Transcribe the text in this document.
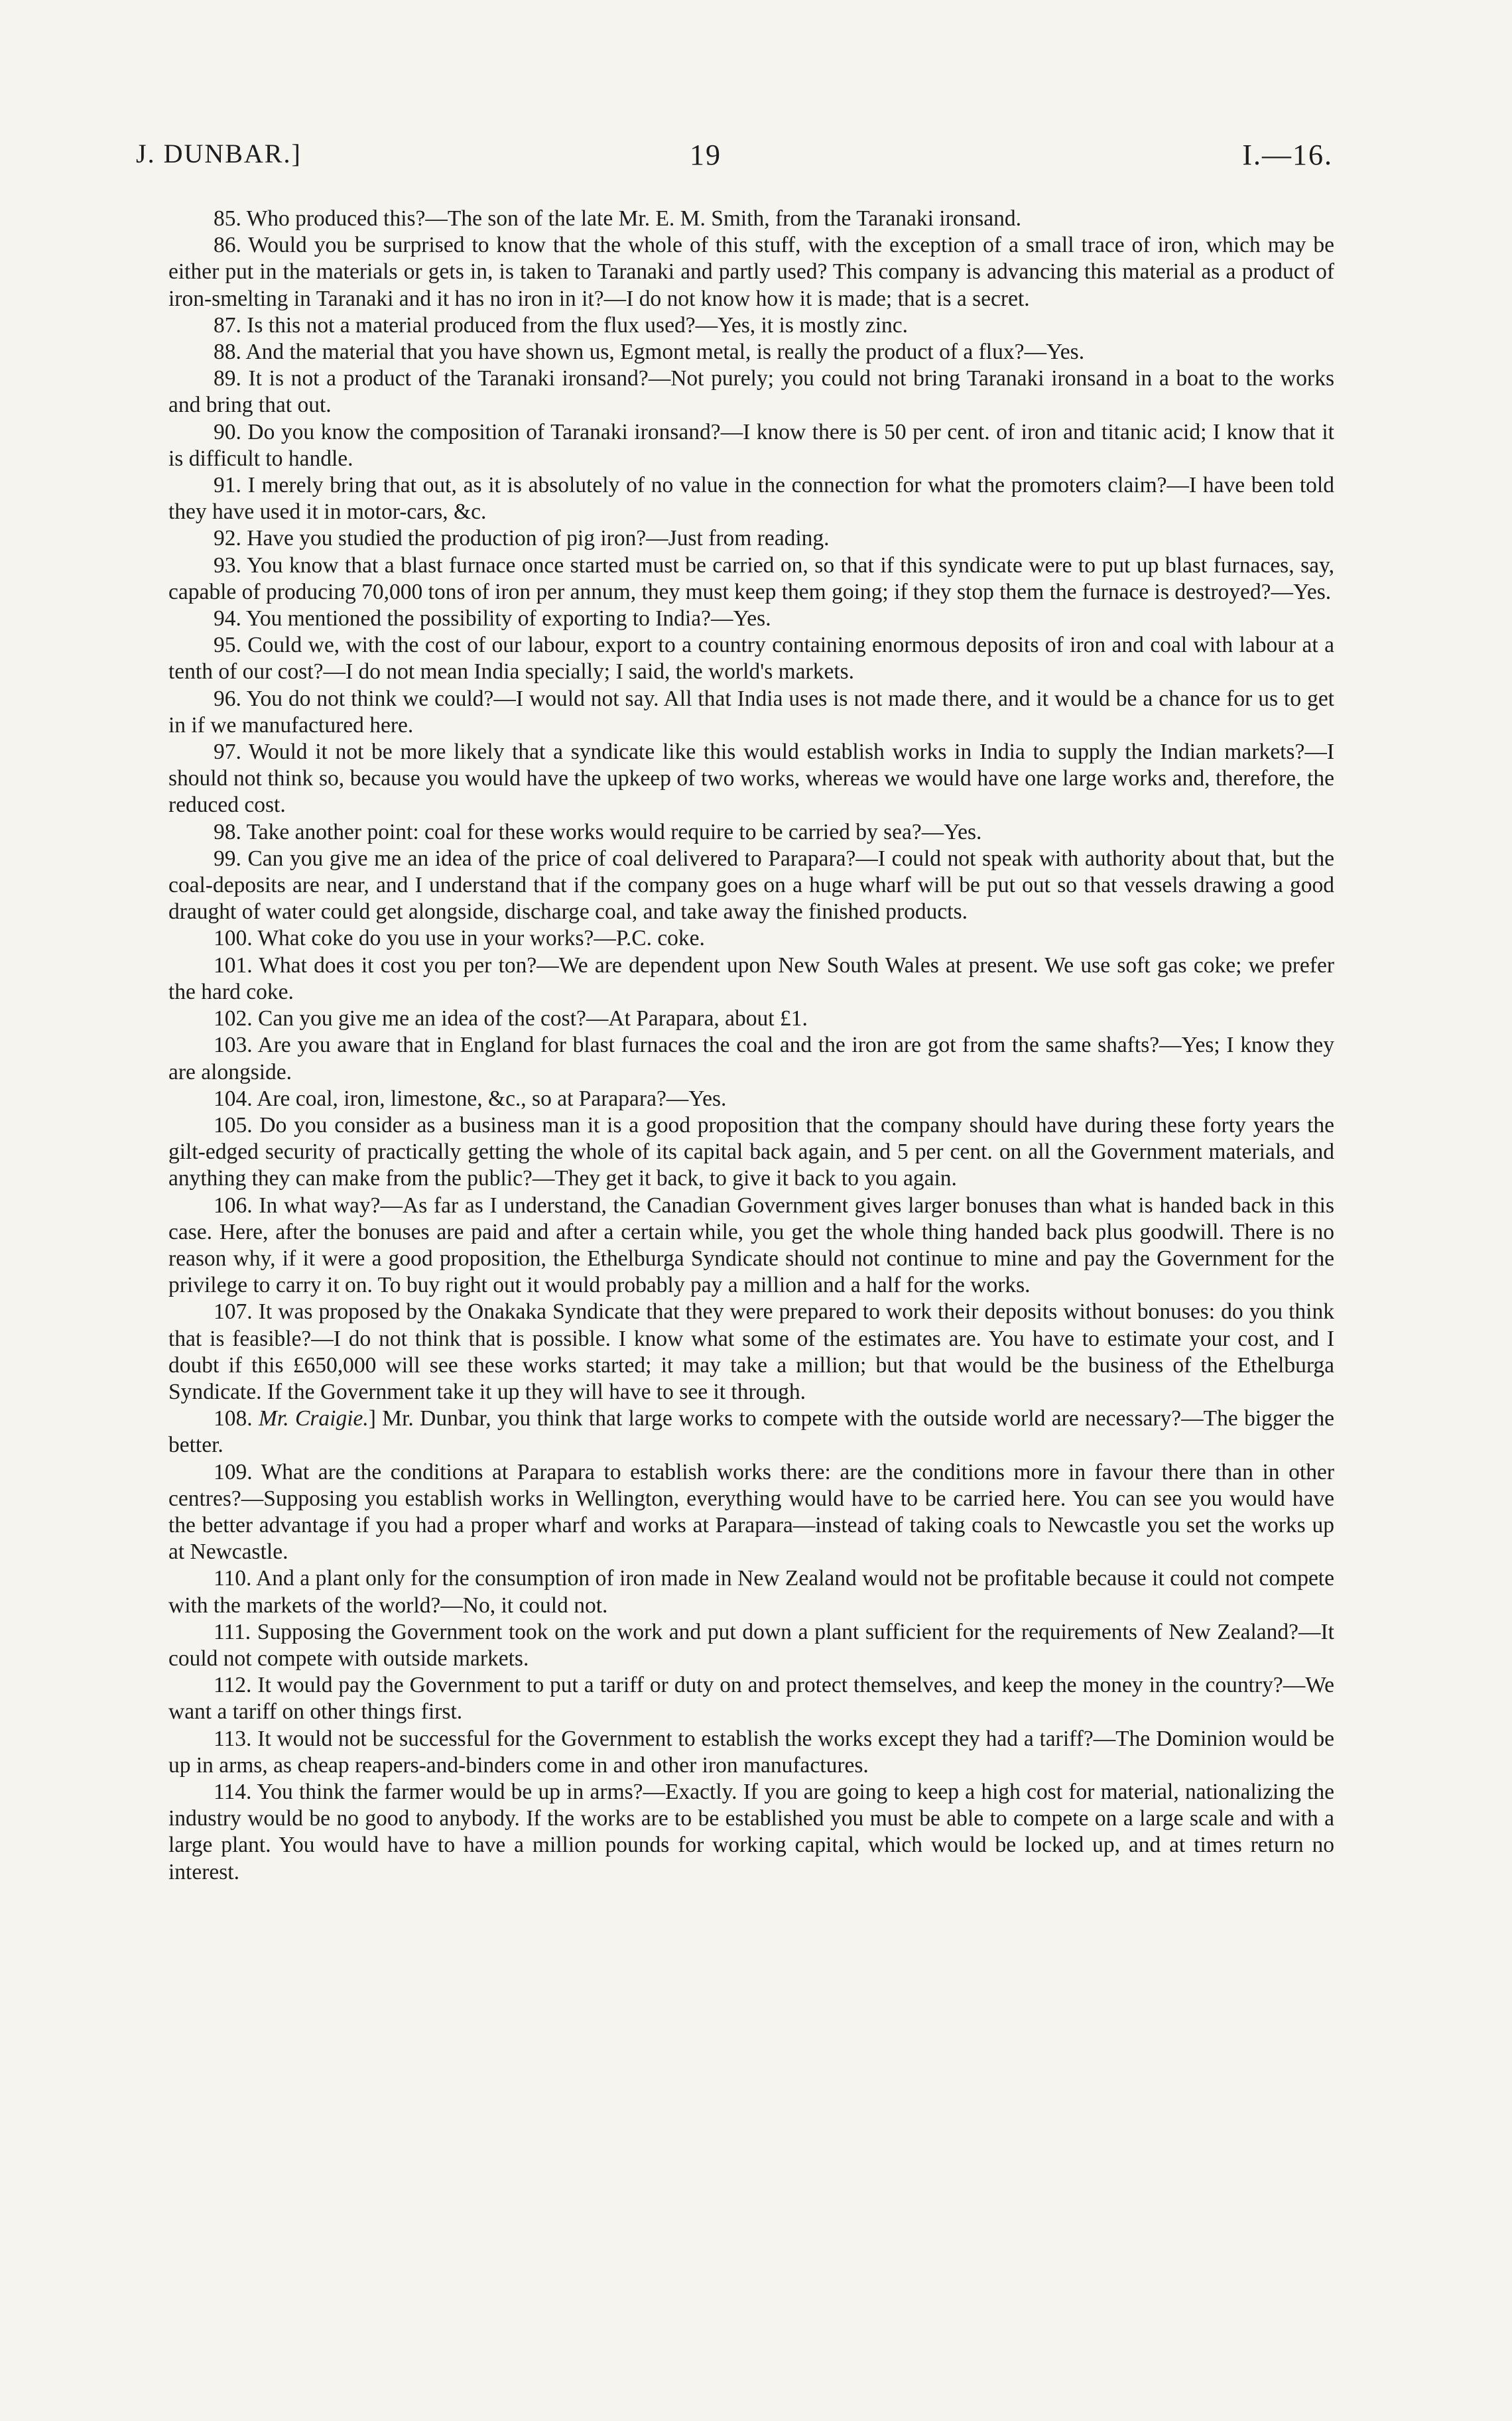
J. DUNBAR.]	19	I.—16.

85. Who produced this?—The son of the late Mr. E. M. Smith, from the Taranaki ironsand.

86. Would you be surprised to know that the whole of this stuff, with the exception of a small trace of iron, which may be either put in the materials or gets in, is taken to Taranaki and partly used? This company is advancing this material as a product of iron-smelting in Taranaki and it has no iron in it?—I do not know how it is made; that is a secret.

87. Is this not a material produced from the flux used?—Yes, it is mostly zinc.

88. And the material that you have shown us, Egmont metal, is really the product of a flux?—Yes.

89. It is not a product of the Taranaki ironsand?—Not purely; you could not bring Taranaki ironsand in a boat to the works and bring that out.

90. Do you know the composition of Taranaki ironsand?—I know there is 50 per cent. of iron and titanic acid; I know that it is difficult to handle.

91. I merely bring that out, as it is absolutely of no value in the connection for what the promoters claim?—I have been told they have used it in motor-cars, &c.

92. Have you studied the production of pig iron?—Just from reading.

93. You know that a blast furnace once started must be carried on, so that if this syndicate were to put up blast furnaces, say, capable of producing 70,000 tons of iron per annum, they must keep them going; if they stop them the furnace is destroyed?—Yes.

94. You mentioned the possibility of exporting to India?—Yes.

95. Could we, with the cost of our labour, export to a country containing enormous deposits of iron and coal with labour at a tenth of our cost?—I do not mean India specially; I said, the world's markets.

96. You do not think we could?—I would not say. All that India uses is not made there, and it would be a chance for us to get in if we manufactured here.

97. Would it not be more likely that a syndicate like this would establish works in India to supply the Indian markets?—I should not think so, because you would have the upkeep of two works, whereas we would have one large works and, therefore, the reduced cost.

98. Take another point: coal for these works would require to be carried by sea?—Yes.

99. Can you give me an idea of the price of coal delivered to Parapara?—I could not speak with authority about that, but the coal-deposits are near, and I understand that if the company goes on a huge wharf will be put out so that vessels drawing a good draught of water could get alongside, discharge coal, and take away the finished products.

100. What coke do you use in your works?—P.C. coke.

101. What does it cost you per ton?—We are dependent upon New South Wales at present. We use soft gas coke; we prefer the hard coke.

102. Can you give me an idea of the cost?—At Parapara, about £1.

103. Are you aware that in England for blast furnaces the coal and the iron are got from the same shafts?—Yes; I know they are alongside.

104. Are coal, iron, limestone, &c., so at Parapara?—Yes.

105. Do you consider as a business man it is a good proposition that the company should have during these forty years the gilt-edged security of practically getting the whole of its capital back again, and 5 per cent. on all the Government materials, and anything they can make from the public?—They get it back, to give it back to you again.

106. In what way?—As far as I understand, the Canadian Government gives larger bonuses than what is handed back in this case. Here, after the bonuses are paid and after a certain while, you get the whole thing handed back plus goodwill. There is no reason why, if it were a good proposition, the Ethelburga Syndicate should not continue to mine and pay the Government for the privilege to carry it on. To buy right out it would probably pay a million and a half for the works.

107. It was proposed by the Onakaka Syndicate that they were prepared to work their deposits without bonuses: do you think that is feasible?—I do not think that is possible. I know what some of the estimates are. You have to estimate your cost, and I doubt if this £650,000 will see these works started; it may take a million; but that would be the business of the Ethelburga Syndicate. If the Government take it up they will have to see it through.

108. Mr. Craigie.] Mr. Dunbar, you think that large works to compete with the outside world are necessary?—The bigger the better.

109. What are the conditions at Parapara to establish works there: are the conditions more in favour there than in other centres?—Supposing you establish works in Wellington, everything would have to be carried here. You can see you would have the better advantage if you had a proper wharf and works at Parapara—instead of taking coals to Newcastle you set the works up at Newcastle.

110. And a plant only for the consumption of iron made in New Zealand would not be profitable because it could not compete with the markets of the world?—No, it could not.

111. Supposing the Government took on the work and put down a plant sufficient for the requirements of New Zealand?—It could not compete with outside markets.

112. It would pay the Government to put a tariff or duty on and protect themselves, and keep the money in the country?—We want a tariff on other things first.

113. It would not be successful for the Government to establish the works except they had a tariff?—The Dominion would be up in arms, as cheap reapers-and-binders come in and other iron manufactures.

114. You think the farmer would be up in arms?—Exactly. If you are going to keep a high cost for material, nationalizing the industry would be no good to anybody. If the works are to be established you must be able to compete on a large scale and with a large plant. You would have to have a million pounds for working capital, which would be locked up, and at times return no interest.
